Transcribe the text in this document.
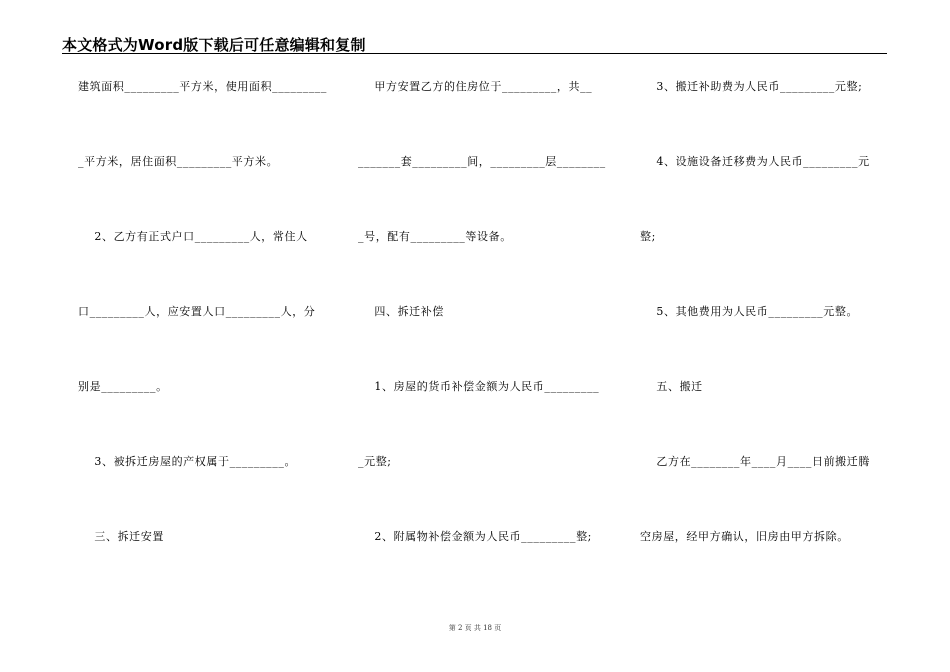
本文格式为Word版下载后可任意编辑和复制
建筑面积_________平方米，使用面积_________
_平方米，居住面积_________平方米。
2、乙方有正式户口_________人，常住人
口_________人，应安置人口_________人，分
别是_________。
3、被拆迁房屋的产权属于_________。
三、拆迁安置
甲方安置乙方的住房位于_________，共__
_______套_________间，_________层________
_号，配有_________等设备。
四、拆迁补偿
1、房屋的货币补偿金额为人民币_________
_元整;
2、附属物补偿金额为人民币_________整;
3、搬迁补助费为人民币_________元整;
4、设施设备迁移费为人民币_________元
整;
5、其他费用为人民币_________元整。
五、搬迁
乙方在________年____月____日前搬迁腾
空房屋，经甲方确认，旧房由甲方拆除。
第 2 页 共 18 页
